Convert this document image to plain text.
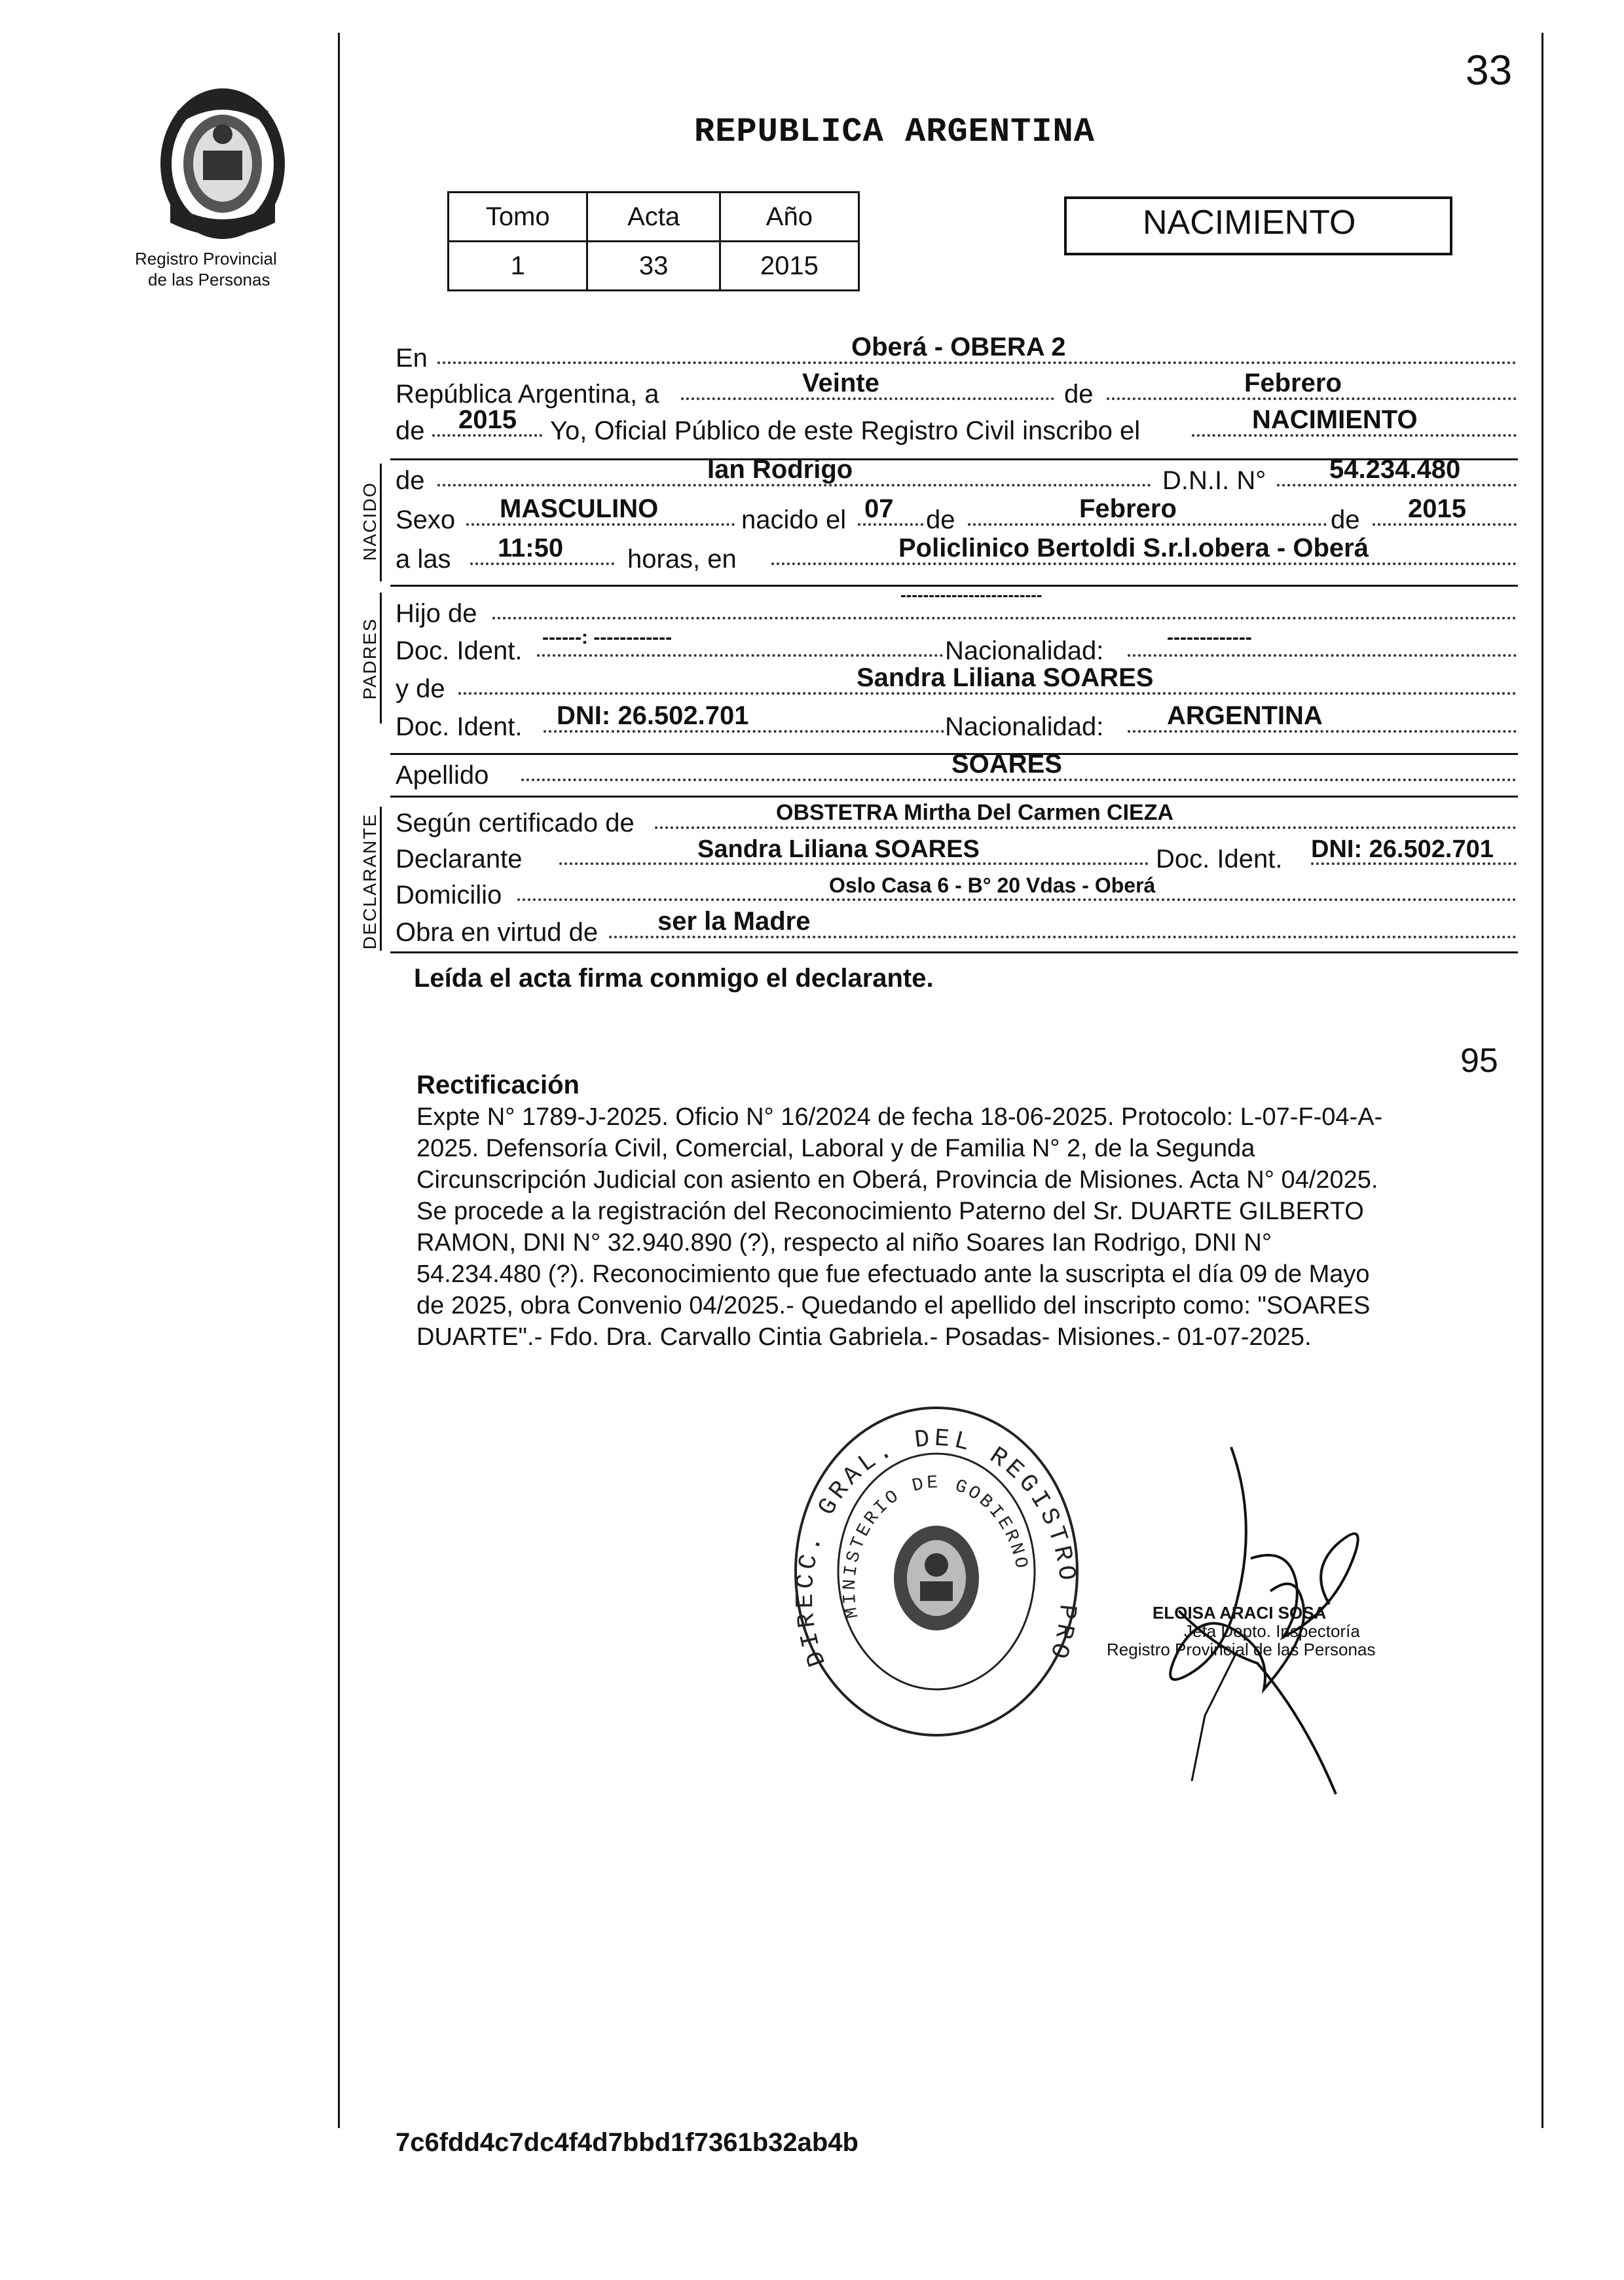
33
Registro Provincial
de las Personas
REPUBLICA ARGENTINA
Tomo	Acta	Año
1	33	2015
NACIMIENTO
En	Oberá - OBERA 2
República Argentina, a	Veinte	de	Febrero
de 2015 Yo, Oficial Público de este Registro Civil inscribo el	NACIMIENTO
NACIDO
de	Ian Rodrigo	D.N.I. N° 54.234.480
Sexo MASCULINO	nacido el 07 de	Febrero	de 2015
a las 11:50 horas, en	Policlinico Bertoldi S.r.l.obera - Oberá
PADRES
Hijo de
-------------------------
Doc. Ident. ------: ------------	Nacionalidad:	-------------
y de	Sandra Liliana SOARES
Doc. Ident. DNI: 26.502.701	Nacionalidad: ARGENTINA
Apellido	SOARES
DECLARANTE Según certificado de	OBSTETRA Mirtha Del Carmen CIEZA
Declarante	Sandra Liliana SOARES	Doc. Ident. DNI: 26.502.701
Domicilio	Oslo Casa 6 - B° 20 Vdas - Oberá
Obra en virtud de ser la Madre
Leída el acta firma conmigo el declarante.
95
Rectificación
Expte N° 1789-J-2025. Oficio N° 16/2024 de fecha 18-06-2025. Protocolo: L-07-F-04-A-
2025. Defensoría Civil, Comercial, Laboral y de Familia N° 2, de la Segunda
Circunscripción Judicial con asiento en Oberá, Provincia de Misiones. Acta N° 04/2025.
Se procede a la registración del Reconocimiento Paterno del Sr. DUARTE GILBERTO
RAMON, DNI N° 32.940.890 (?), respecto al niño Soares Ian Rodrigo, DNI N°
54.234.480 (?). Reconocimiento que fue efectuado ante la suscripta el día 09 de Mayo
de 2025, obra Convenio 04/2025.- Quedando el apellido del inscripto como: "SOARES
DUARTE".- Fdo. Dra. Carvallo Cintia Gabriela.- Posadas- Misiones.- 01-07-2025.
DIRECC. GRAL. DEL REGISTRO PRO
MINISTERIO DE GOBIERNO
ELOISA ARACI SOSA
Jefa Depto. Inspectoría
Registro Provincial de las Personas
7c6fdd4c7dc4f4d7bbd1f7361b32ab4b
